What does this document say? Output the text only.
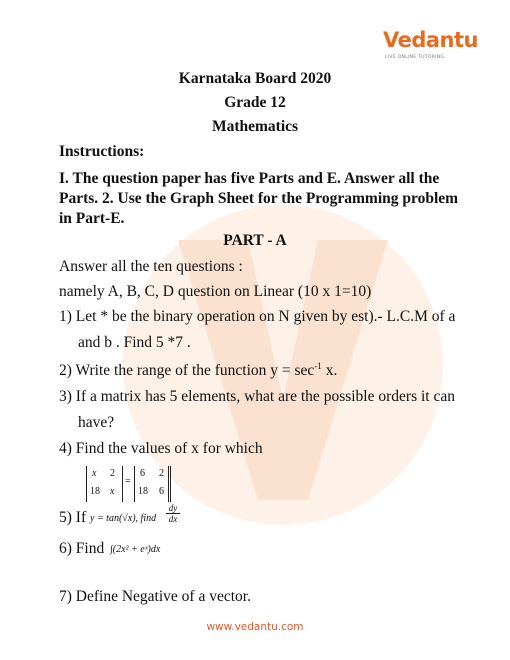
Vedantu
LIVE ONLINE TUTORING
Karnataka Board 2020
Grade 12
Mathematics
Instructions:
I. The question paper has five Parts and E. Answer all the
Parts. 2. Use the Graph Sheet for the Programming problem
in Part-E.
PART - A
Answer all the ten questions :
namely A, B, C, D question on Linear (10 x 1=10)
1) Let * be the binary operation on N given by est).- L.C.M of a
and b . Find 5 *7 .
2) Write the range of the function $y = \sec^{-1} x$.
3) If a matrix has 5 elements, what are the possible orders it can
have?
4) Find the values of x for which
x 2
18 x
=
6 2
18 6
5) If y = tan(√x), find $\frac{dy}{dx}$
6) Find ∫(2x² + eˣ)dx
www.vedantu.com
7) Define Negative of a vector.
